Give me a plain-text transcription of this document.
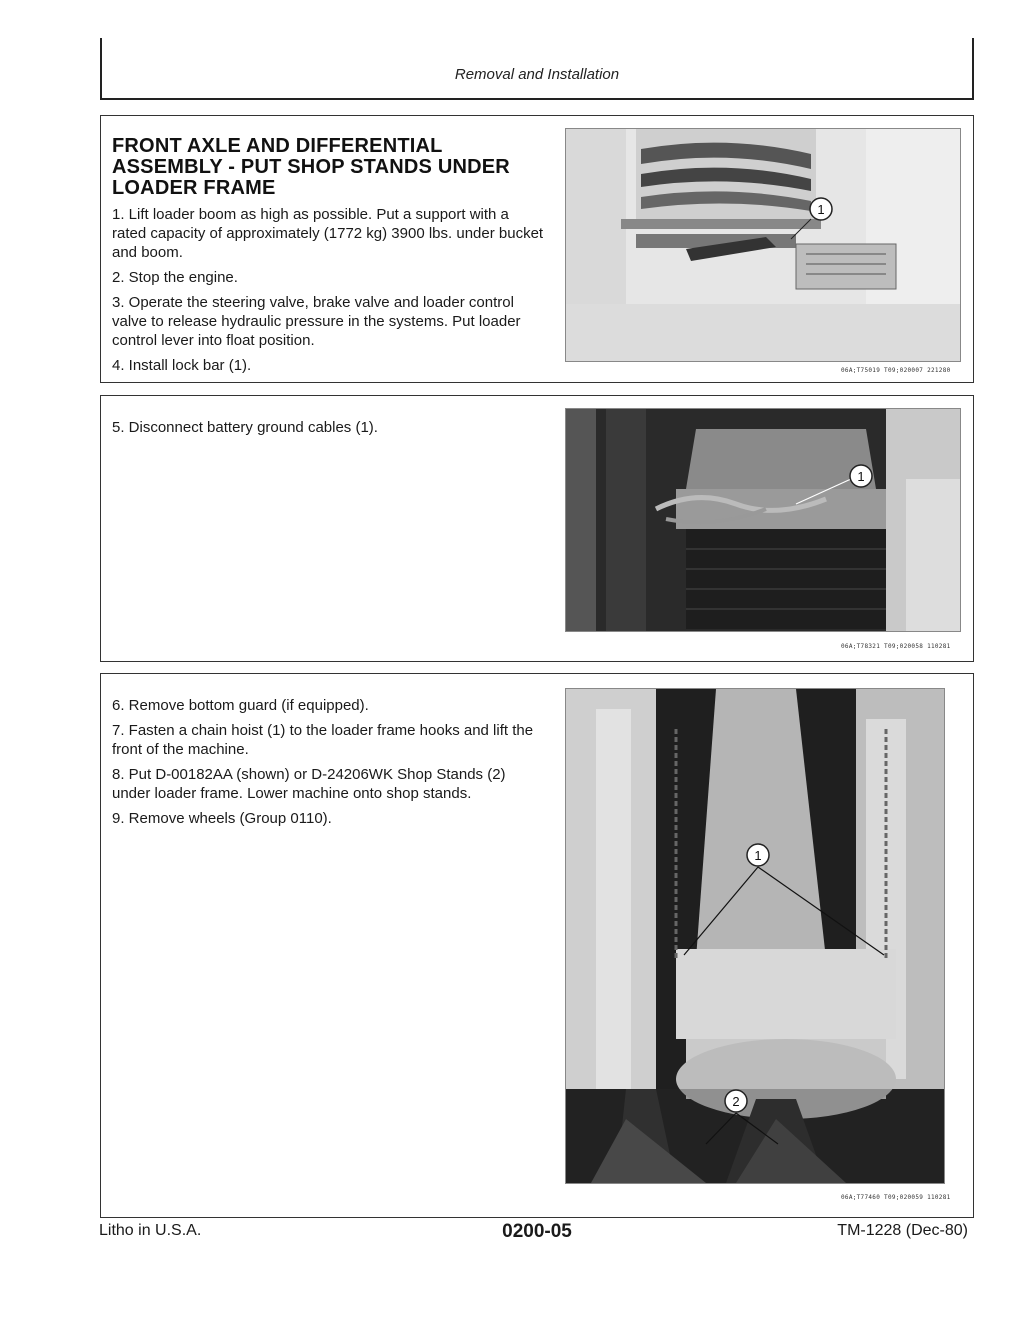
Removal and Installation

FRONT AXLE AND DIFFERENTIAL ASSEMBLY - PUT SHOP STANDS UNDER LOADER FRAME

1. Lift loader boom as high as possible. Put a support with a rated capacity of approximately (1772 kg) 3900 lbs. under bucket and boom.

2. Stop the engine.

3. Operate the steering valve, brake valve and loader control valve to release hydraulic pressure in the systems. Put loader control lever into float position.

4. Install lock bar (1).

1
06A;T75019 T09;020007 221280

5. Disconnect battery ground cables (1).

1
06A;T78321 T09;020058 110281

6. Remove bottom guard (if equipped).

7. Fasten a chain hoist (1) to the loader frame hooks and lift the front of the machine.

8. Put D-00182AA (shown) or D-24206WK Shop Stands (2) under loader frame. Lower machine onto shop stands.

9. Remove wheels (Group 0110).

1
2
06A;T77460 T09;020059 110281
Litho in U.S.A.	0200-05	TM-1228 (Dec-80)
